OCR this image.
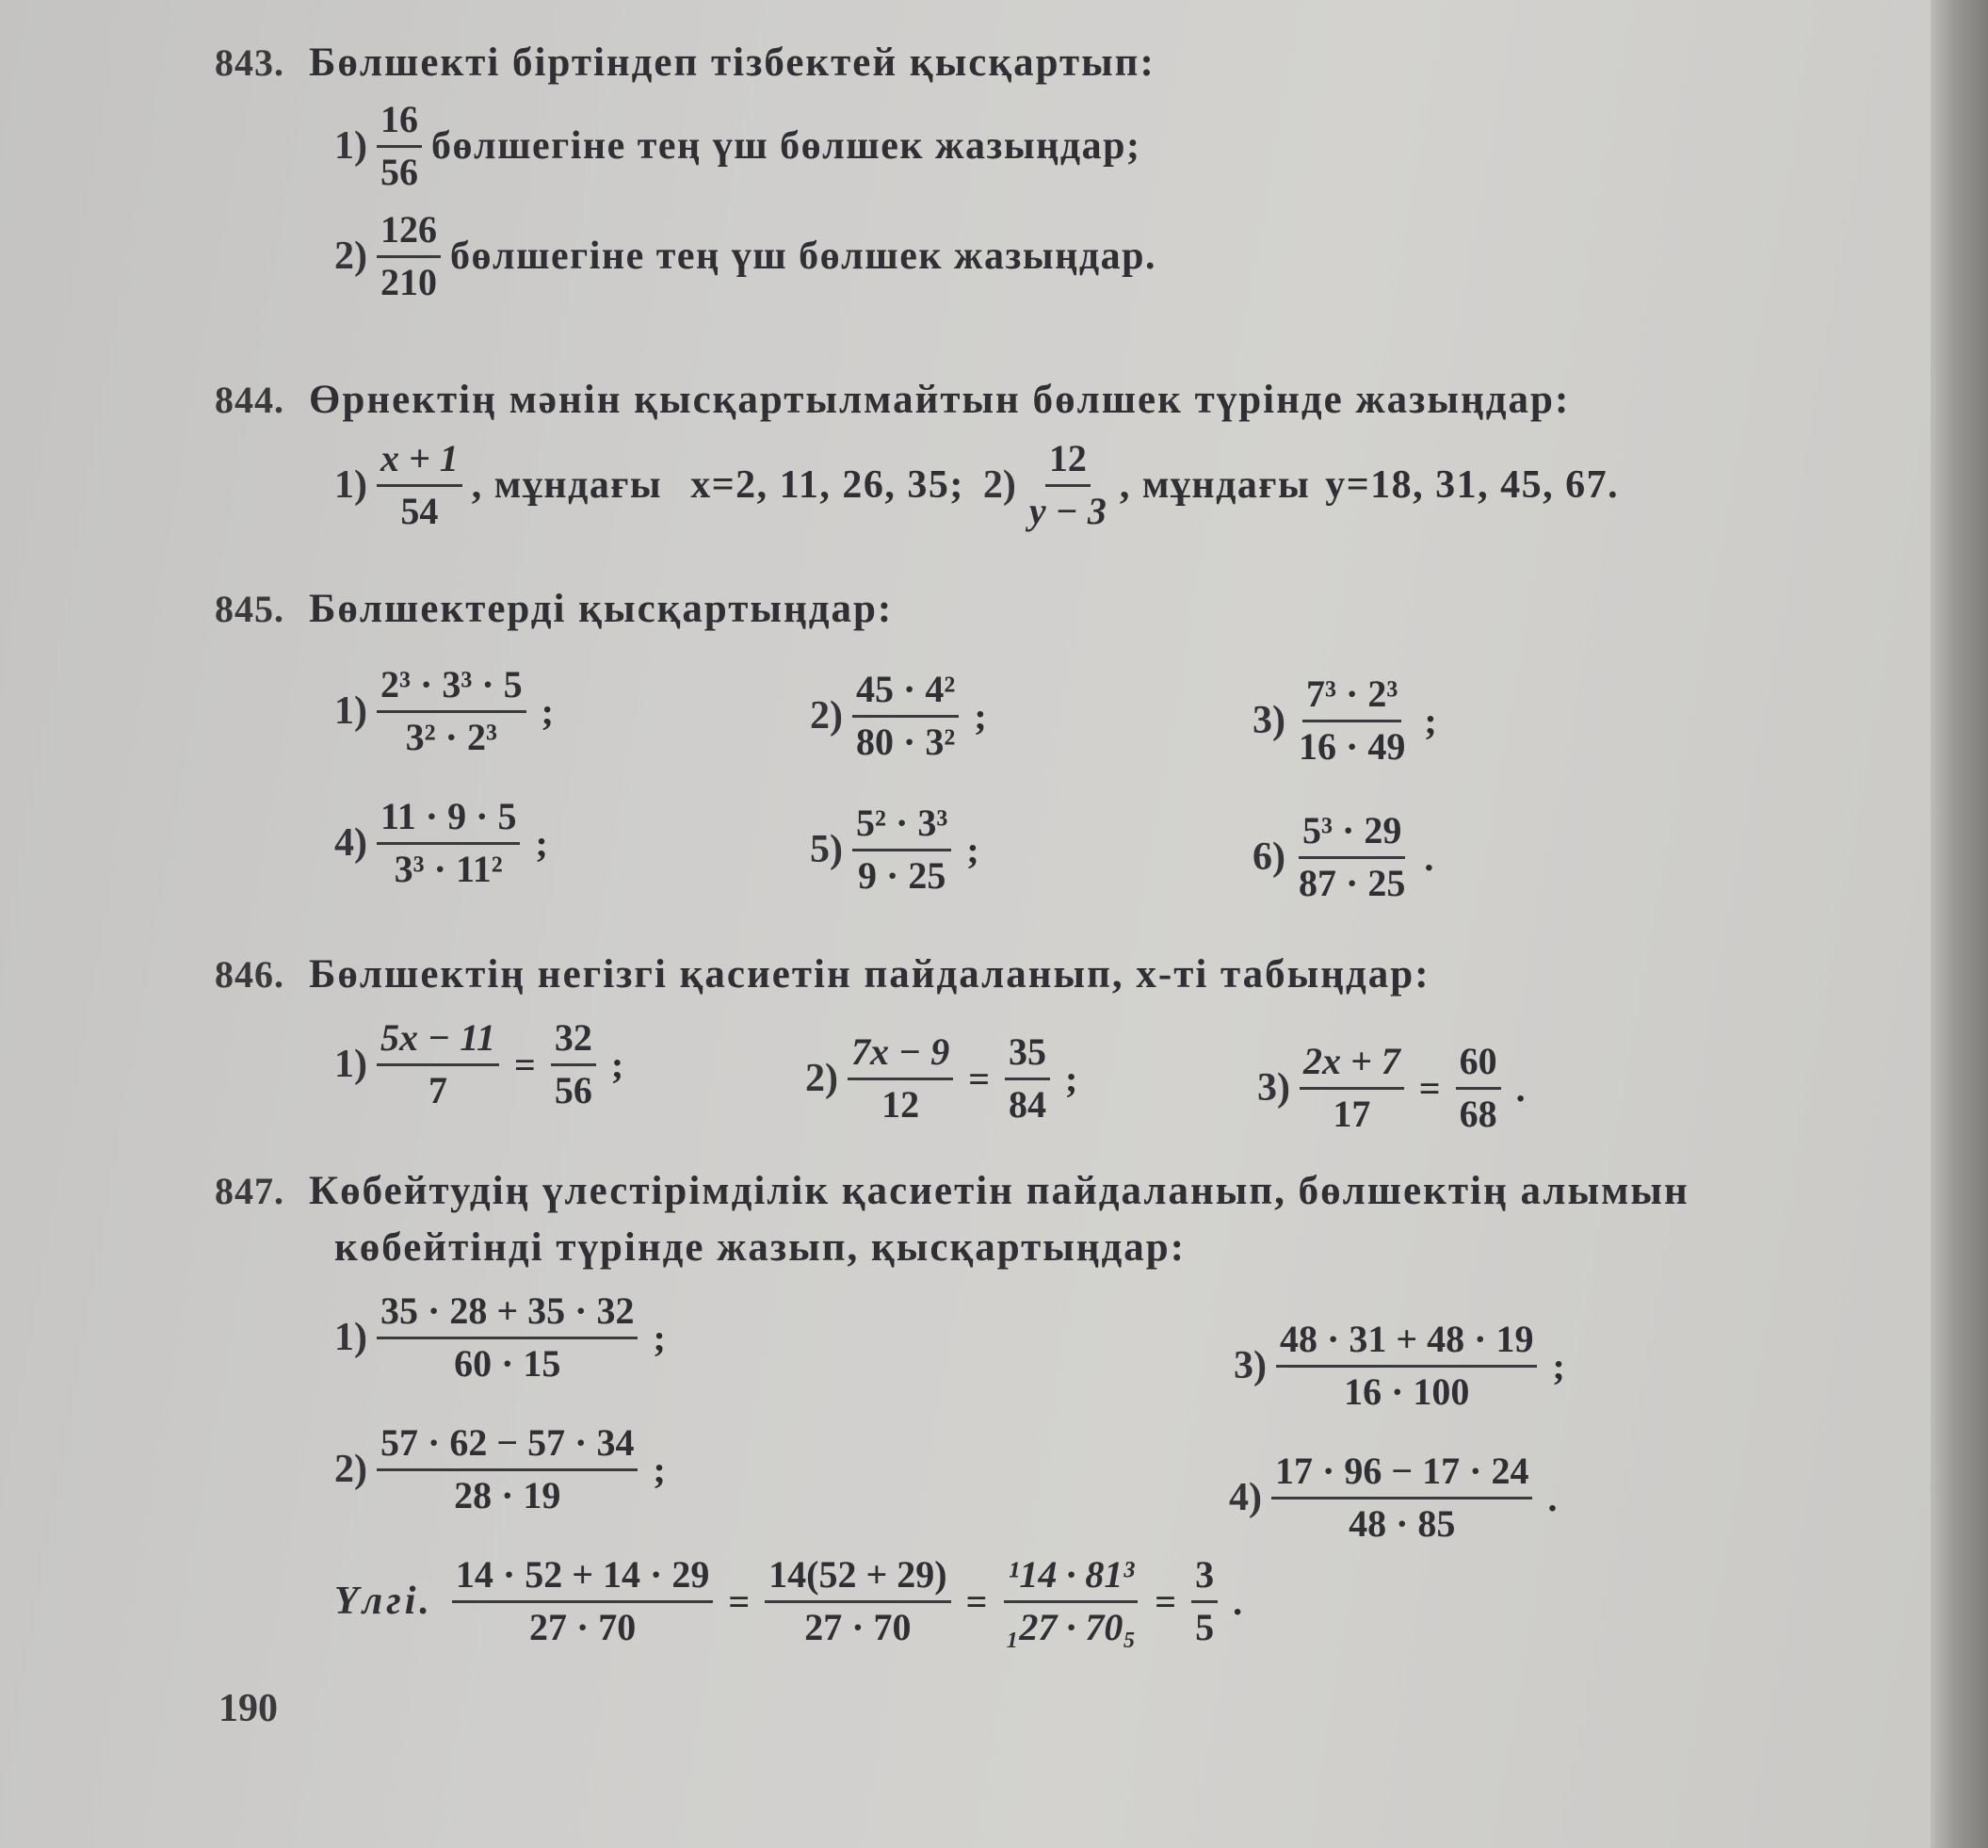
843. Бөлшекті біртіндеп тізбектей қысқартып:
$1) \frac{16}{56}$ бөлшегіне тең үш бөлшек жазыңдар;
$2) \frac{126}{210}$ бөлшегіне тең үш бөлшек жазыңдар.
844. Өрнектің мәнін қысқартылмайтын бөлшек түрінде жазыңдар:
$1) \frac{x + 1}{54}$ , мұндағы x=2, 11, 26, 35; $2) \frac{12}{y - 3}$ , мұндағы y=18, 31, 45, 67.
845. Бөлшектерді қысқартыңдар:
$1) \frac{\text{2³ · 3³ · 5}}{\text{3² · 2³}}$ ;	$2) \frac{\text{45 · 4²}}{\text{80 · 3²}}$ ;	$3) \frac{\text{7³ · 2³}}{16 \cdot 49}$ ;
$4) \frac{11 \cdot 9 \cdot 5}{\text{3³ · 11²}}$ ;	$5) \frac{\text{5² · 3³}}{9 \cdot 25}$ ;	$6) \frac{\text{5³ · 29}}{87 \cdot 25}$ .
846. Бөлшектің негізгі қасиетін пайдаланып, x-ті табыңдар:
$1) \frac{5x - 11}{7} = \frac{32}{56}$ ;	$2) \frac{7x - 9}{12} = \frac{35}{84}$ ;	$3) \frac{2x + 7}{17} = \frac{60}{68}$ .
847. Көбейтудің үлестірімділік қасиетін пайдаланып, бөлшектің алымын
көбейтінді түрінде жазып, қысқартыңдар:
$1) \frac{35 \cdot 28 + 35 \cdot 32}{60 \cdot 15}$ ;
$2) \frac{57 \cdot 62 - 57 \cdot 34}{28 \cdot 19}$ ;
$3) \frac{48 \cdot 31 + 48 \cdot 19}{16 \cdot 100}$ ;
$4) \frac{17 \cdot 96 - 17 \cdot 24}{48 \cdot 85}$ .
Үлгі. $\frac{14 \cdot 52 + 14 \cdot 29}{27 \cdot 70} = \frac{14(52 + 29)}{27 \cdot 70} = \frac{\text{¹14 · 81³}}{\text{₁27 · 70₅}} = \frac{3}{5}$ .
190
